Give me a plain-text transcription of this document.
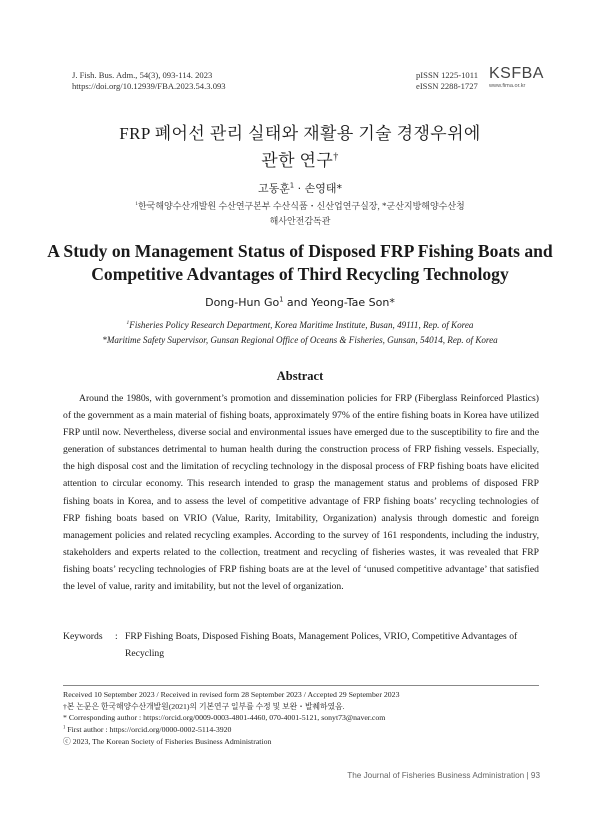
J. Fish. Bus. Adm., 54(3), 093-114. 2023
https://doi.org/10.12939/FBA.2023.54.3.093
pISSN 1225-1011
eISSN 2288-1727
KSFBA
www.fima.or.kr
FRP 폐어선 관리 실태와 재활용 기술 경쟁우위에
관한 연구†
고동훈$^1$ · 손영태*
$^1$한국해양수산개발원 수산연구본부 수산식품・신산업연구실장, *군산지방해양수산청
해사안전감독관
A Study on Management Status of Disposed FRP Fishing Boats and
Competitive Advantages of Third Recycling Technology
Dong-Hun Go$^1$ and Yeong-Tae Son*
$^1$Fisheries Policy Research Department, Korea Maritime Institute, Busan, 49111, Rep. of Korea
*Maritime Safety Supervisor, Gunsan Regional Office of Oceans & Fisheries, Gunsan, 54014, Rep. of Korea
Abstract

Around the 1980s, with government’s promotion and dissemination policies for FRP (Fiberglass Reinforced Plastics) of the government as a main material of fishing boats, approximately 97% of the entire fishing boats in Korea have utilized FRP until now. Nevertheless, diverse social and environmental issues have emerged due to the susceptibility to fire and the generation of substances detrimental to human health during the construction process of FRP fishing vessels. Especially, the high disposal cost and the limitation of recycling technology in the disposal process of FRP fishing boats have elicited attention to circular economy. This research intended to grasp the management status and problems of disposed FRP fishing boats in Korea, and to assess the level of competitive advantage of FRP fishing boats’ recycling technologies of FRP fishing boats based on VRIO (Value, Rarity, Imitability, Organization) analysis through domestic and foreign management policies and related recycling examples. According to the survey of 161 respondents, including the industry, stakeholders and experts related to the collection, treatment and recycling of fisheries wastes, it was revealed that FRP fishing boats’ recycling technologies of FRP fishing boats are at the level of ‘unused competitive advantage’ that satisfied the level of value, rarity and imitability, but not the level of organization.

Keywords : FRP Fishing Boats, Disposed Fishing Boats, Management Polices, VRIO, Competitive Advantages of Recycling
Received 10 September 2023 / Received in revised form 28 September 2023 / Accepted 29 September 2023
†본 논문은 한국해양수산개발원(2021)의 기본연구 일부를 수정 및 보완・발췌하였음.
* Corresponding author : https://orcid.org/0009-0003-4801-4460, 070-4001-5121, sonyt73@naver.com
$^1$ First author : https://orcid.org/0000-0002-5114-3920
ⓒ 2023, The Korean Society of Fisheries Business Administration
The Journal of Fisheries Business Administration | 93
